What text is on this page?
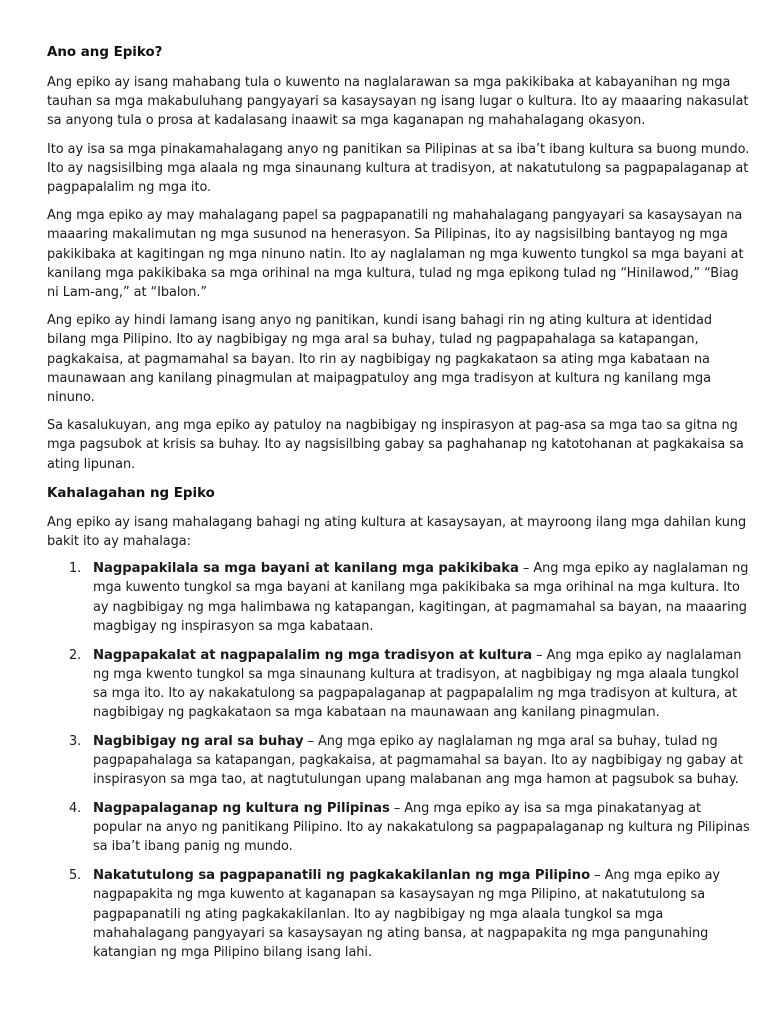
Ano ang Epiko?

Ang epiko ay isang mahabang tula o kuwento na naglalarawan sa mga pakikibaka at kabayanihan ng mga tauhan sa mga makabuluhang pangyayari sa kasaysayan ng isang lugar o kultura. Ito ay maaaring nakasulat sa anyong tula o prosa at kadalasang inaawit sa mga kaganapan ng mahahalagang okasyon.

Ito ay isa sa mga pinakamahalagang anyo ng panitikan sa Pilipinas at sa iba’t ibang kultura sa buong mundo. Ito ay nagsisilbing mga alaala ng mga sinaunang kultura at tradisyon, at nakatutulong sa pagpapalaganap at pagpapalalim ng mga ito.

Ang mga epiko ay may mahalagang papel sa pagpapanatili ng mahahalagang pangyayari sa kasaysayan na maaaring makalimutan ng mga susunod na henerasyon. Sa Pilipinas, ito ay nagsisilbing bantayog ng mga pakikibaka at kagitingan ng mga ninuno natin. Ito ay naglalaman ng mga kuwento tungkol sa mga bayani at kanilang mga pakikibaka sa mga orihinal na mga kultura, tulad ng mga epikong tulad ng “Hinilawod,” “Biag ni Lam-ang,” at “Ibalon.”

Ang epiko ay hindi lamang isang anyo ng panitikan, kundi isang bahagi rin ng ating kultura at identidad bilang mga Pilipino. Ito ay nagbibigay ng mga aral sa buhay, tulad ng pagpapahalaga sa katapangan, pagkakaisa, at pagmamahal sa bayan. Ito rin ay nagbibigay ng pagkakataon sa ating mga kabataan na maunawaan ang kanilang pinagmulan at maipagpatuloy ang mga tradisyon at kultura ng kanilang mga ninuno.

Sa kasalukuyan, ang mga epiko ay patuloy na nagbibigay ng inspirasyon at pag-asa sa mga tao sa gitna ng mga pagsubok at krisis sa buhay. Ito ay nagsisilbing gabay sa paghahanap ng katotohanan at pagkakaisa sa ating lipunan.

Kahalagahan ng Epiko

Ang epiko ay isang mahalagang bahagi ng ating kultura at kasaysayan, at mayroong ilang mga dahilan kung bakit ito ay mahalaga:

1. Nagpapakilala sa mga bayani at kanilang mga pakikibaka – Ang mga epiko ay naglalaman ng mga kuwento tungkol sa mga bayani at kanilang mga pakikibaka sa mga orihinal na mga kultura. Ito ay nagbibigay ng mga halimbawa ng katapangan, kagitingan, at pagmamahal sa bayan, na maaaring magbigay ng inspirasyon sa mga kabataan.
2. Nagpapakalat at nagpapalalim ng mga tradisyon at kultura – Ang mga epiko ay naglalaman ng mga kwento tungkol sa mga sinaunang kultura at tradisyon, at nagbibigay ng mga alaala tungkol sa mga ito. Ito ay nakakatulong sa pagpapalaganap at pagpapalalim ng mga tradisyon at kultura, at nagbibigay ng pagkakataon sa mga kabataan na maunawaan ang kanilang pinagmulan.
3. Nagbibigay ng aral sa buhay – Ang mga epiko ay naglalaman ng mga aral sa buhay, tulad ng pagpapahalaga sa katapangan, pagkakaisa, at pagmamahal sa bayan. Ito ay nagbibigay ng gabay at inspirasyon sa mga tao, at nagtutulungan upang malabanan ang mga hamon at pagsubok sa buhay.
4. Nagpapalaganap ng kultura ng Pilipinas – Ang mga epiko ay isa sa mga pinakatanyag at popular na anyo ng panitikang Pilipino. Ito ay nakakatulong sa pagpapalaganap ng kultura ng Pilipinas sa iba’t ibang panig ng mundo.
5. Nakatutulong sa pagpapanatili ng pagkakakilanlan ng mga Pilipino – Ang mga epiko ay nagpapakita ng mga kuwento at kaganapan sa kasaysayan ng mga Pilipino, at nakatutulong sa pagpapanatili ng ating pagkakakilanlan. Ito ay nagbibigay ng mga alaala tungkol sa mga mahahalagang pangyayari sa kasaysayan ng ating bansa, at nagpapakita ng mga pangunahing katangian ng mga Pilipino bilang isang lahi.
